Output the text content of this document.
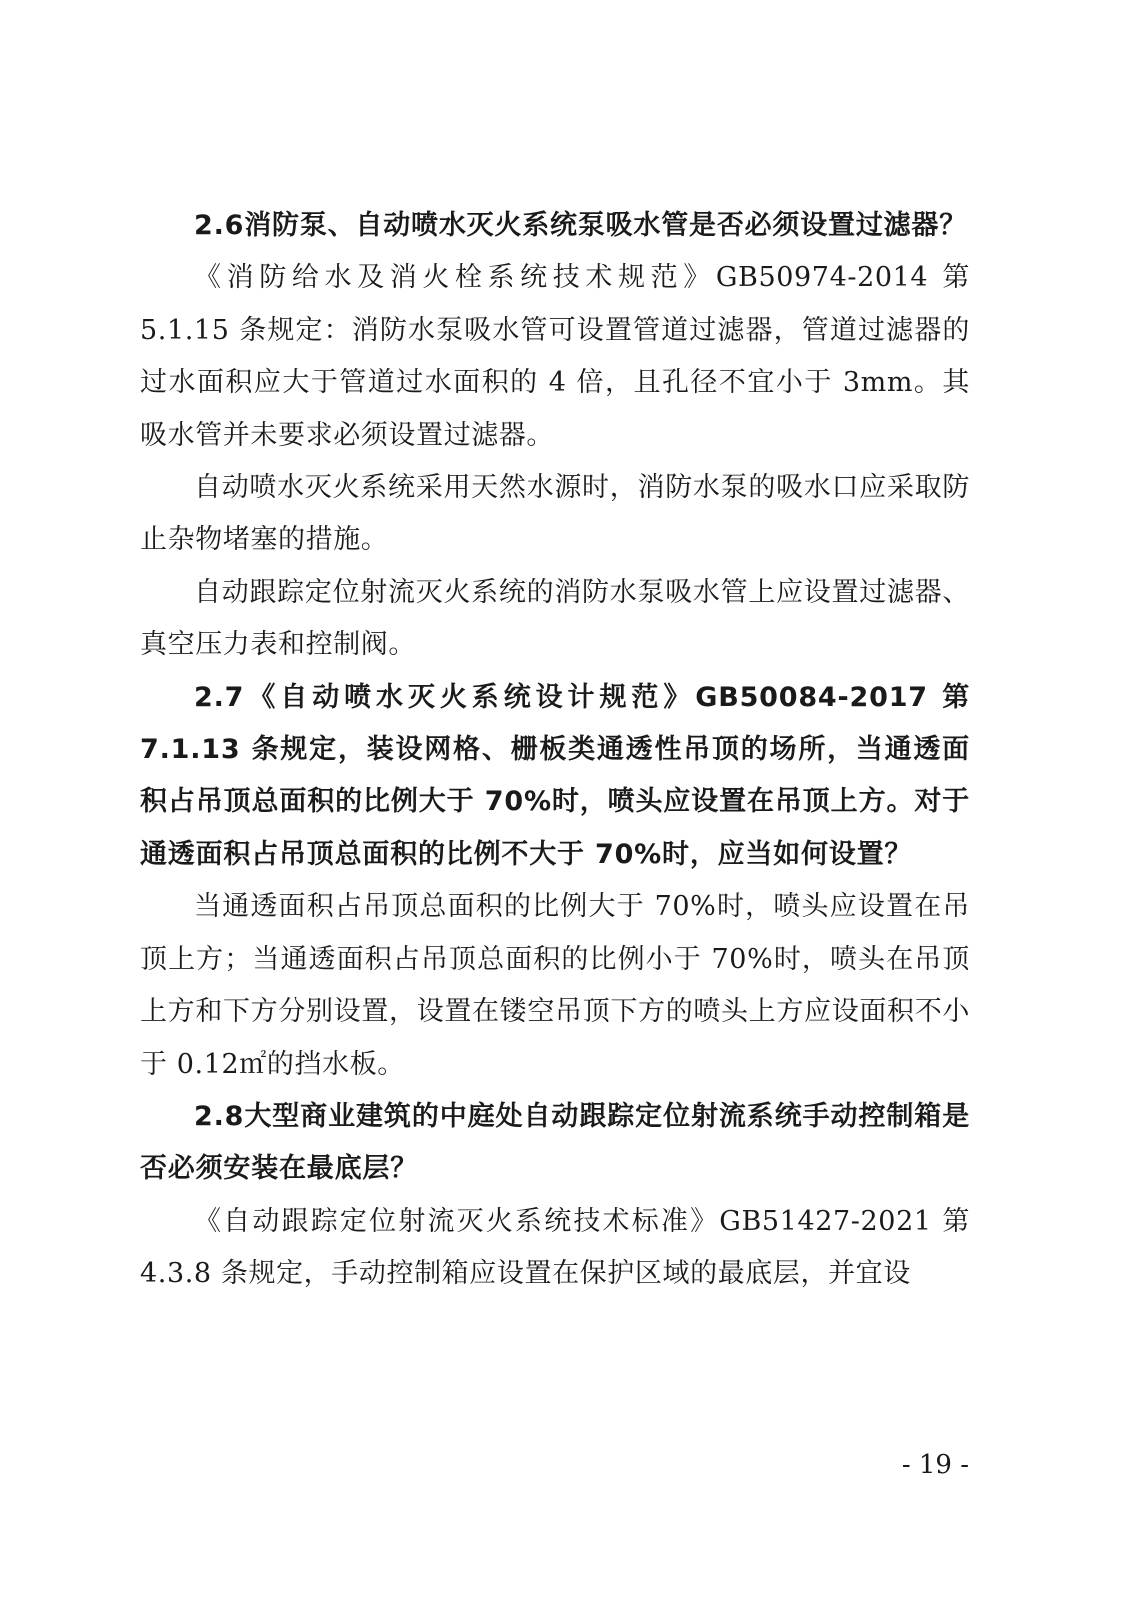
2.6消防泵、自动喷水灭火系统泵吸水管是否必须设置过滤器？

《消防给水及消火栓系统技术规范》GB50974-2014 第 5.1.15 条规定：消防水泵吸水管可设置管道过滤器，管道过滤器的过水面积应大于管道过水面积的 4 倍，且孔径不宜小于 3mm。其吸水管并未要求必须设置过滤器。

自动喷水灭火系统采用天然水源时，消防水泵的吸水口应采取防止杂物堵塞的措施。

自动跟踪定位射流灭火系统的消防水泵吸水管上应设置过滤器、真空压力表和控制阀。

2.7《自动喷水灭火系统设计规范》GB50084-2017 第 7.1.13 条规定，装设网格、栅板类通透性吊顶的场所，当通透面积占吊顶总面积的比例大于 70%时，喷头应设置在吊顶上方。对于通透面积占吊顶总面积的比例不大于 70%时，应当如何设置？

当通透面积占吊顶总面积的比例大于 70%时，喷头应设置在吊顶上方；当通透面积占吊顶总面积的比例小于 70%时，喷头在吊顶上方和下方分别设置，设置在镂空吊顶下方的喷头上方应设面积不小于 0.12㎡的挡水板。

2.8大型商业建筑的中庭处自动跟踪定位射流系统手动控制箱是否必须安装在最底层？

《自动跟踪定位射流灭火系统技术标准》GB51427-2021 第 4.3.8 条规定，手动控制箱应设置在保护区域的最底层，并宜设

- 19 -
